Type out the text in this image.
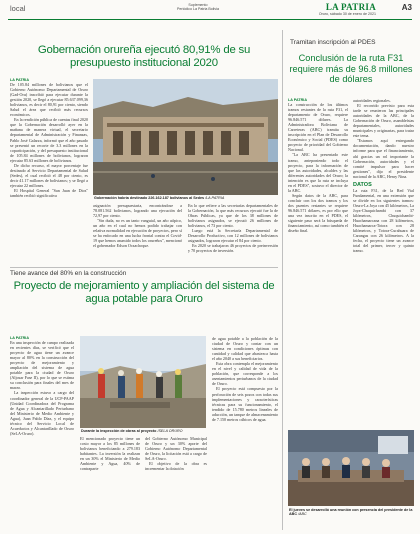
local	Suplemento
Periódico La Patria Bolivia	LA PATRIA
Oruro, sábado 30 de enero de 2021
A3
Gobernación orureña ejecutó 80,91% de su presupuesto institucional 2020
LA PATRIA

De 105.84 millones de bolivianos que el Gobierno Autónomo Departamental de Oruro (Gad-Oru) inscribió para ejecutar durante la gestión 2020, se llegó a ejecutar 85.637.099,36 bolivianos, es decir el 80,91 por ciento, siendo Salud el área que recibió más recursos económicos.

En la rendición pública de cuentas final 2020 que la Gobernación desarrolló ayer en la mañana de manera virtual, el secretario departamental de Administración y Finanzas, Pablo José Galarza, informó que el año pasado se presentó un recorte de 3.3 millones en la coparticipación, y del presupuesto institucional de 105.84 millones de bolivianos, lograron ejecutar 85.63 millones de bolivianos.

De dicho recurso, el mayor porcentaje fue destinado al Servicio Departamental de Salud (Sedes), el cual recibió el 48 por ciento, es decir 41.17 millones de bolivianos; y se llegó a ejecutar 22 millones.

El Hospital General "San Juan de Dios" también recibió significativa	Gobernación habría destinado 226.162.187 bolivianos al Sedes /LA PATRIA

asignación presupuestaria, encontrándose a 78.081.562 bolivianos, logrando una ejecución del 72,97 por ciento.

"Sin duda, no es un tanto vanguial, un año atípico, un año en el cual no hemos podido trabajar con relativa normalidad en ejecución de proyectos, pero sí se ha enfocado en una lucha frontal contra el Covid-19 que hemos asumido todos los orureños", mencionó el gobernador Edson Oczachoque.

En lo que refiere a las secretarías departamentales de la Gobernación, la que más recursos ejecutó fue la de Obras Públicas, ya que de los 38 millones de bolivianos asignados, se ejecutó 26 millones de bolivianos, el 73 por ciento.

Luego está la Secretaría Departamental de Desarrollo Productivo, con 12 millones de bolivianos asignados, lograron ejecutar el 84 por ciento.

En 2020 se trabajaron 46 proyectos de preinversión y 70 proyectos de inversión.

Tiene avance del 80% en la construcción
Proyecto de mejoramiento y ampliación del sistema de agua potable para Oruro
LA PATRIA

En una inspección de campo realizada en recientes días, se verificó que el proyecto de agua tiene un avance mayor al 80% en la construcción del proyecto de mejoramiento y ampliación del sistema de agua potable para la ciudad de Oruro (Aljosar Fase II), por lo que se estima su conclusión para finales del mes de marzo.

La inspección estuvo a cargo del coordinador general de la UCP-PAAP (Unidad Coordinadora del Programa de Agua y Alcantarillado Periurbano del Ministerio de Medio Ambiente y Agua), Juan Pablo Díaz, y el equipo técnico del Servicio Local de Acueductos y Alcantarillado de Oruro (SeLA-Oruro).	Durante la inspección de obras al proyecto /SELA ORURO

El mencionado proyecto tiene un costo mayor a los 85 millones de bolivianos beneficiando a 279.183 habitantes. La inversión la realizan en un 30% el Ministerio de Medio Ambiente y Agua, 40% de contraparte

del Gobierno Autónomo Municipal de Oruro y un 30% aporte del Gobierno Autónomo Departamental de Oruro, la licitación está a cargo de SeLA-Oruro.

El objetivo de la obra es incrementar la dotación

de agua potable a la población de la ciudad de Oruro y contar con un sistema en condiciones óptimas con cantidad y calidad que abastezca hasta el año 2040 a sus beneficiarios.

Esta obra contempla el mejoramiento en el nivel y calidad de vida de la población, que corresponde a los asentamientos periurbanos de la ciudad de Oruro.

El proyecto está compuesto por la perforación de seis pozos con todas sus implementaciones y características técnicas para su funcionamiento, el tendido de 15.780 metros lineales de aducción, un tanque de almacenamiento de 7.150 metros cúbicos de agua.

Tramitan inscripción al PDES
Conclusión de la ruta F31 requiere más de 96.8 millones de dólares
LA PATRIA

La construcción de los últimos tramos restantes de la ruta F31, el departamento de Oruro, requiere 96.846.571 dólares. La Administradora Boliviana de Carreteras (ABC) tramita su inscripción en el Plan de Desarrollo Económico y Social (PDES) como proyecto de prioridad del Gobierno Nacional.

"La ABC ha presentado este tramo, anteponiendo todo el proyecto, para la información de que las autoridades, alcaldes y las diferentes autoridades del Oruro; la intención es que la ruta se incluya en el PDES", sostuvo el director de la ABC.

Según datos de la ABC, para concluir con los dos tramos y los dos puentes restantes se requiere 96.846.571 dólares, es por ello que una vez inscrito en el PDES, el siguiente paso será la búsqueda de financiamiento, así como también el diseño final.

autoridades regionales.

El recorrido previsto para esta tarde se reunieron las principales autoridades de la ABC, de la Gobernación de Oruro, asambleístas departamentales, autoridades municipales y originarias, para tratar este tema.

"Estamos aquí entregando documentación, dando nuestro informe para que el financiamiento, ahí gracias un rol importante la Gobernación, autoridades y el comité impulsor para hacer gestiones", dijo el presidente nacional de la ABC, Henry Nina.

DATOS

La ruta F31, de la Red Vial Fundamental, en una extensión que se divide en los siguientes tramos: Oruro-La Joya con 45 kilómetros, La Joya-Chuquichambi con 37 kilómetros, Chuquichambi-Huachamarcana con 28 kilómetros, Huachamarca-Totora con 28 kilómetros, y Totora-Curahuara de Carangas con 26 kilómetros. A la fecha, el proyecto tiene un avance total del primer, tercer y quinto tramo.

El jueves se desarrolló una reunión con presencia del presidente de la ABC /ABC
